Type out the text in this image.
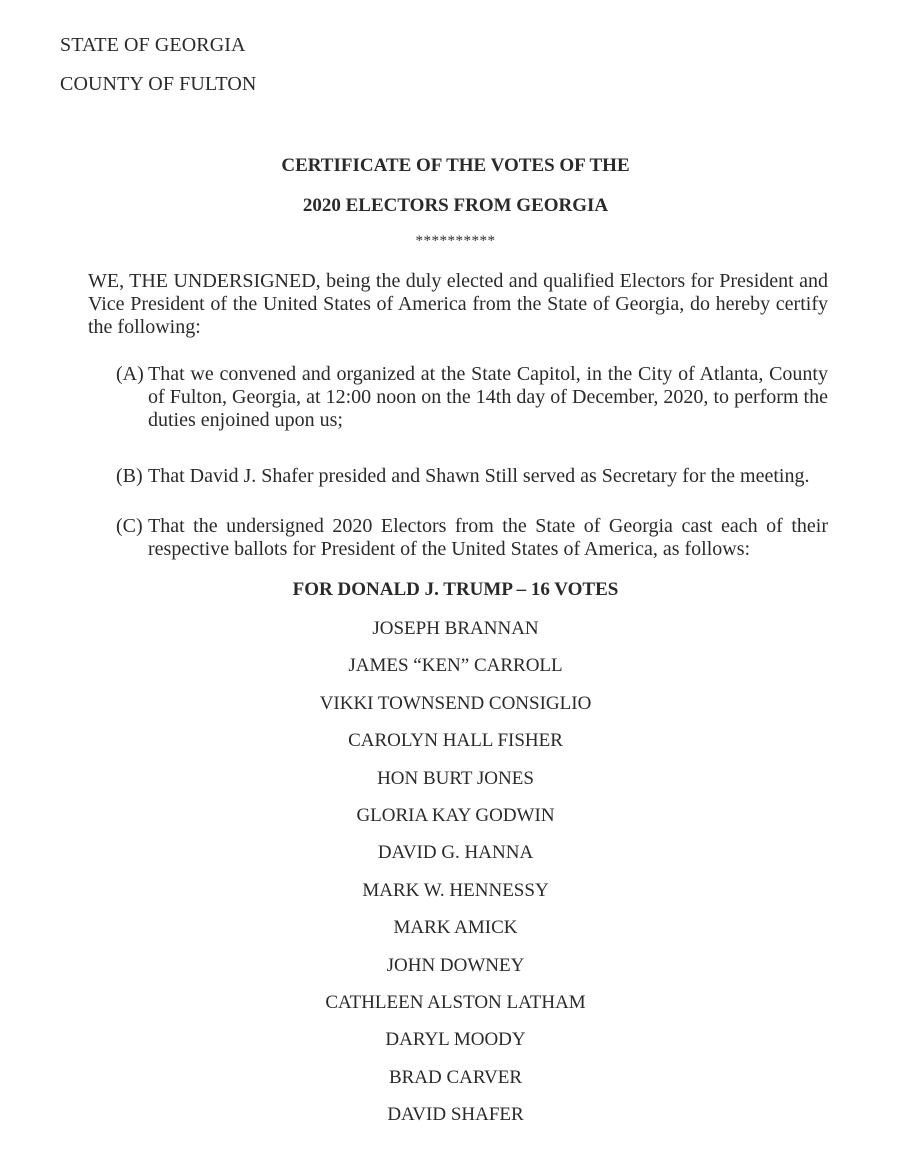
STATE OF GEORGIA
COUNTY OF FULTON
CERTIFICATE OF THE VOTES OF THE
2020 ELECTORS FROM GEORGIA
**********
WE, THE UNDERSIGNED, being the duly elected and qualified Electors for President and Vice President of the United States of America from the State of Georgia, do hereby certify the following:
(A) That we convened and organized at the State Capitol, in the City of Atlanta, County of Fulton, Georgia, at 12:00 noon on the 14th day of December, 2020, to perform the duties enjoined upon us;
(B) That David J. Shafer presided and Shawn Still served as Secretary for the meeting.
(C) That the undersigned 2020 Electors from the State of Georgia cast each of their respective ballots for President of the United States of America, as follows:
FOR DONALD J. TRUMP – 16 VOTES
JOSEPH BRANNAN
JAMES “KEN” CARROLL
VIKKI TOWNSEND CONSIGLIO
CAROLYN HALL FISHER
HON BURT JONES
GLORIA KAY GODWIN
DAVID G. HANNA
MARK W. HENNESSY
MARK AMICK
JOHN DOWNEY
CATHLEEN ALSTON LATHAM
DARYL MOODY
BRAD CARVER
DAVID SHAFER
